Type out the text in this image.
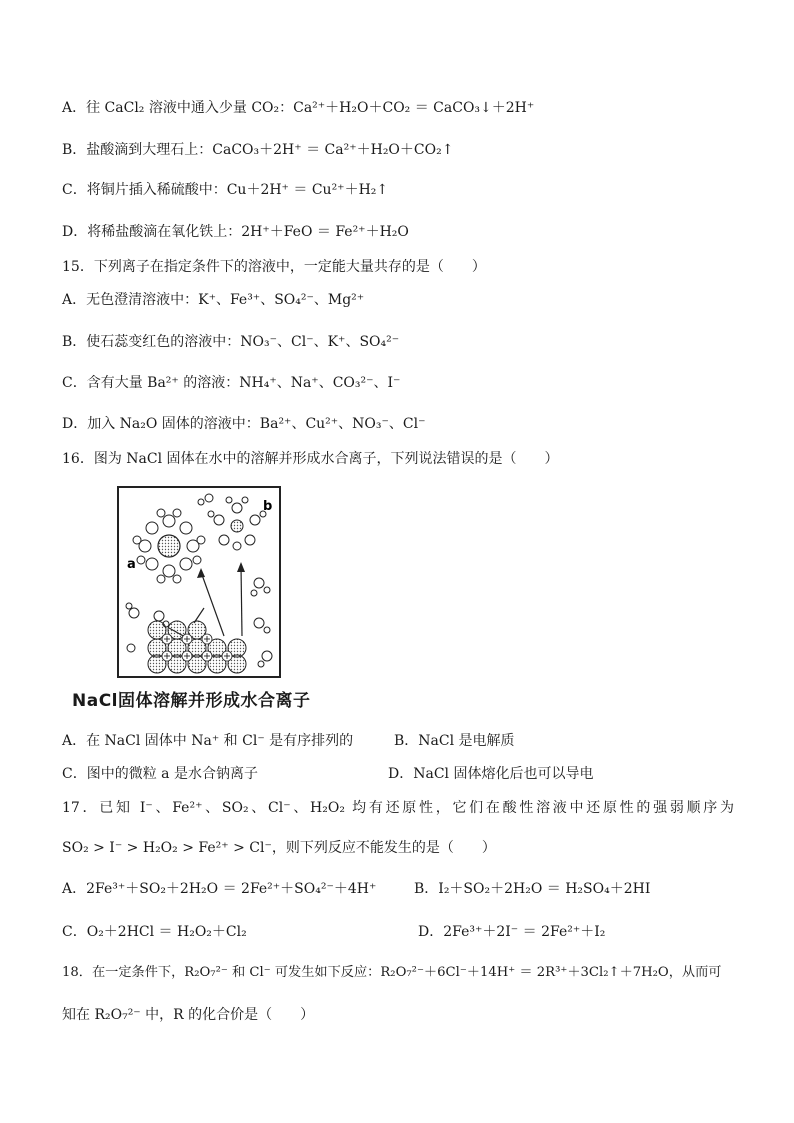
A．往 CaCl₂ 溶液中通入少量 CO₂：Ca²⁺＋H₂O＋CO₂ ＝ CaCO₃↓＋2H⁺
B．盐酸滴到大理石上：CaCO₃＋2H⁺ ＝ Ca²⁺＋H₂O＋CO₂↑
C．将铜片插入稀硫酸中：Cu＋2H⁺ ＝ Cu²⁺＋H₂↑
D．将稀盐酸滴在氧化铁上：2H⁺＋FeO ＝ Fe²⁺＋H₂O
15．下列离子在指定条件下的溶液中，一定能大量共存的是（　　）
A．无色澄清溶液中：K⁺、Fe³⁺、SO₄²⁻、Mg²⁺
B．使石蕊变红色的溶液中：NO₃⁻、Cl⁻、K⁺、SO₄²⁻
C．含有大量 Ba²⁺ 的溶液：NH₄⁺、Na⁺、CO₃²⁻、I⁻
D．加入 Na₂O 固体的溶液中：Ba²⁺、Cu²⁺、NO₃⁻、Cl⁻
16．图为 NaCl 固体在水中的溶解并形成水合离子，下列说法错误的是（　　）
a
b
NaCl固体溶解并形成水合离子
A．在 NaCl 固体中 Na⁺ 和 Cl⁻ 是有序排列的	B．NaCl 是电解质
C．图中的微粒 a 是水合钠离子	D．NaCl 固体熔化后也可以导电
17．已知 I⁻、Fe²⁺、SO₂、Cl⁻、H₂O₂ 均有还原性，它们在酸性溶液中还原性的强弱顺序为
SO₂ > I⁻ > H₂O₂ > Fe²⁺ > Cl⁻，则下列反应不能发生的是（　　）
A．2Fe³⁺＋SO₂＋2H₂O ＝ 2Fe²⁺＋SO₄²⁻＋4H⁺	B．I₂＋SO₂＋2H₂O ＝ H₂SO₄＋2HI
C．O₂＋2HCl ＝ H₂O₂＋Cl₂	D．2Fe³⁺＋2I⁻ ＝ 2Fe²⁺＋I₂
18．在一定条件下，R₂O₇²⁻ 和 Cl⁻ 可发生如下反应：R₂O₇²⁻＋6Cl⁻＋14H⁺ ＝ 2R³⁺＋3Cl₂↑＋7H₂O，从而可
知在 R₂O₇²⁻ 中，R 的化合价是（　　）
